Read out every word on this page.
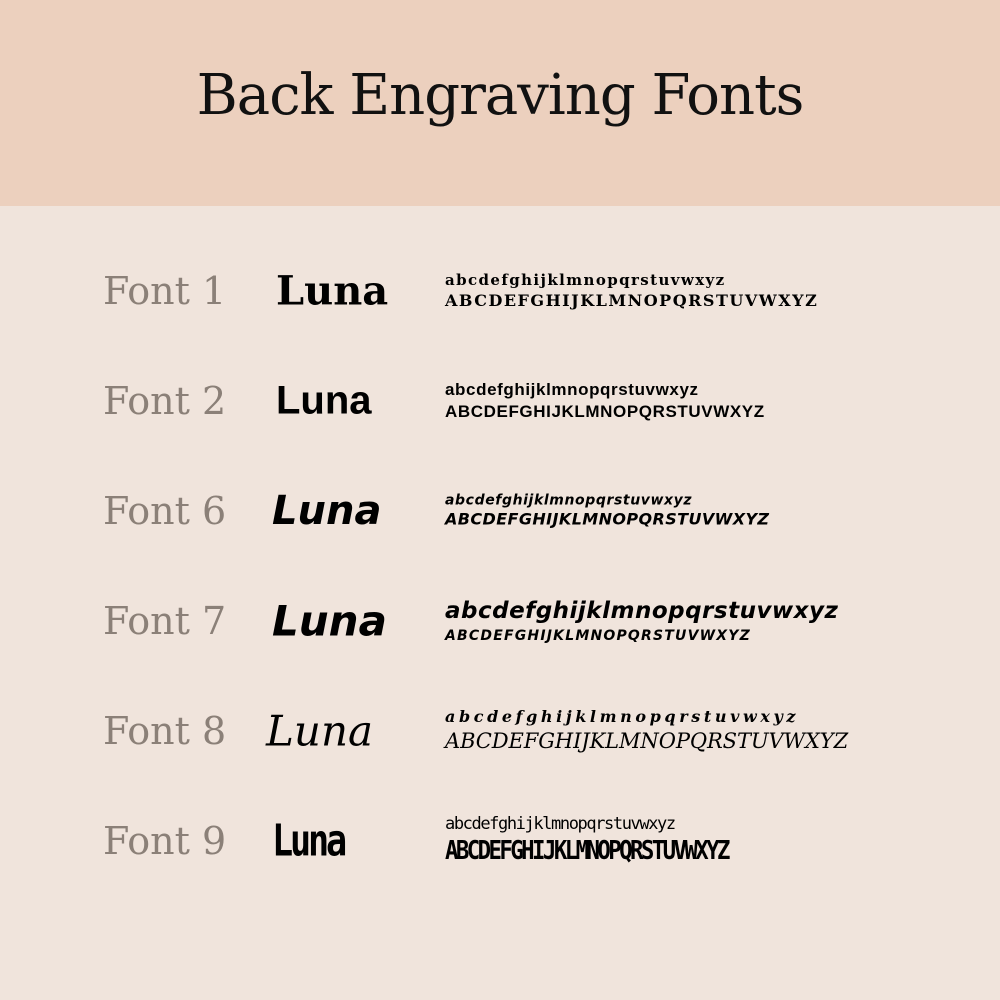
Back Engraving Fonts
Font 1 Luna	abcdefghijklmnopqrstuvwxyz
ABCDEFGHIJKLMNOPQRSTUVWXYZ
Font 2 Luna	abcdefghijklmnopqrstuvwxyz
ABCDEFGHIJKLMNOPQRSTUVWXYZ
Font 6 Luna	abcdefghijklmnopqrstuvwxyz
ABCDEFGHIJKLMNOPQRSTUVWXYZ
Font 7 Luna	abcdefghijklmnopqrstuvwxyz
ABCDEFGHIJKLMNOPQRSTUVWXYZ
Font 8 Luna	abcdefghijklmnopqrstuvwxyz
ABCDEFGHIJKLMNOPQRSTUVWXYZ
Font 9 Luna	abcdefghijklmnopqrstuvwxyz
ABCDEFGHIJKLMNOPQRSTUVWXYZ
